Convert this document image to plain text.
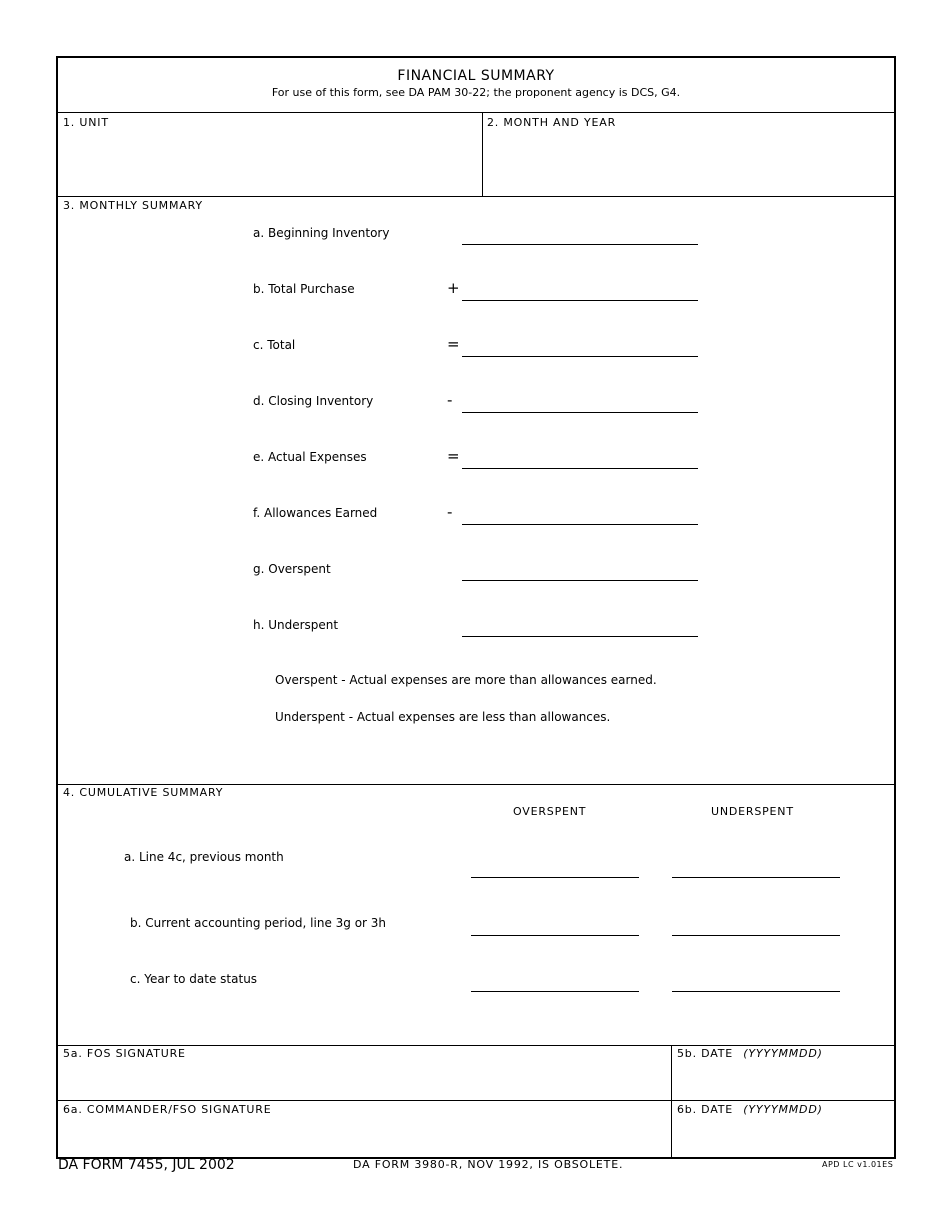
FINANCIAL SUMMARY
For use of this form, see DA PAM 30-22; the proponent agency is DCS, G4.
1. UNIT	2. MONTH AND YEAR
3. MONTHLY SUMMARY
a. Beginning Inventory
b. Total Purchase	+
c. Total	=
d. Closing Inventory	-
e. Actual Expenses	=
f. Allowances Earned	-
g. Overspent
h. Underspent
Overspent - Actual expenses are more than allowances earned.
Underspent - Actual expenses are less than allowances.
4. CUMULATIVE SUMMARY
OVERSPENT	UNDERSPENT
a. Line 4c, previous month
b. Current accounting period, line 3g or 3h
c. Year to date status
5a. FOS SIGNATURE	5b. DATE (YYYYMMDD)
6a. COMMANDER/FSO SIGNATURE	6b. DATE (YYYYMMDD)
DA FORM 7455, JUL 2002	DA FORM 3980-R, NOV 1992, IS OBSOLETE.	APD LC v1.01ES
